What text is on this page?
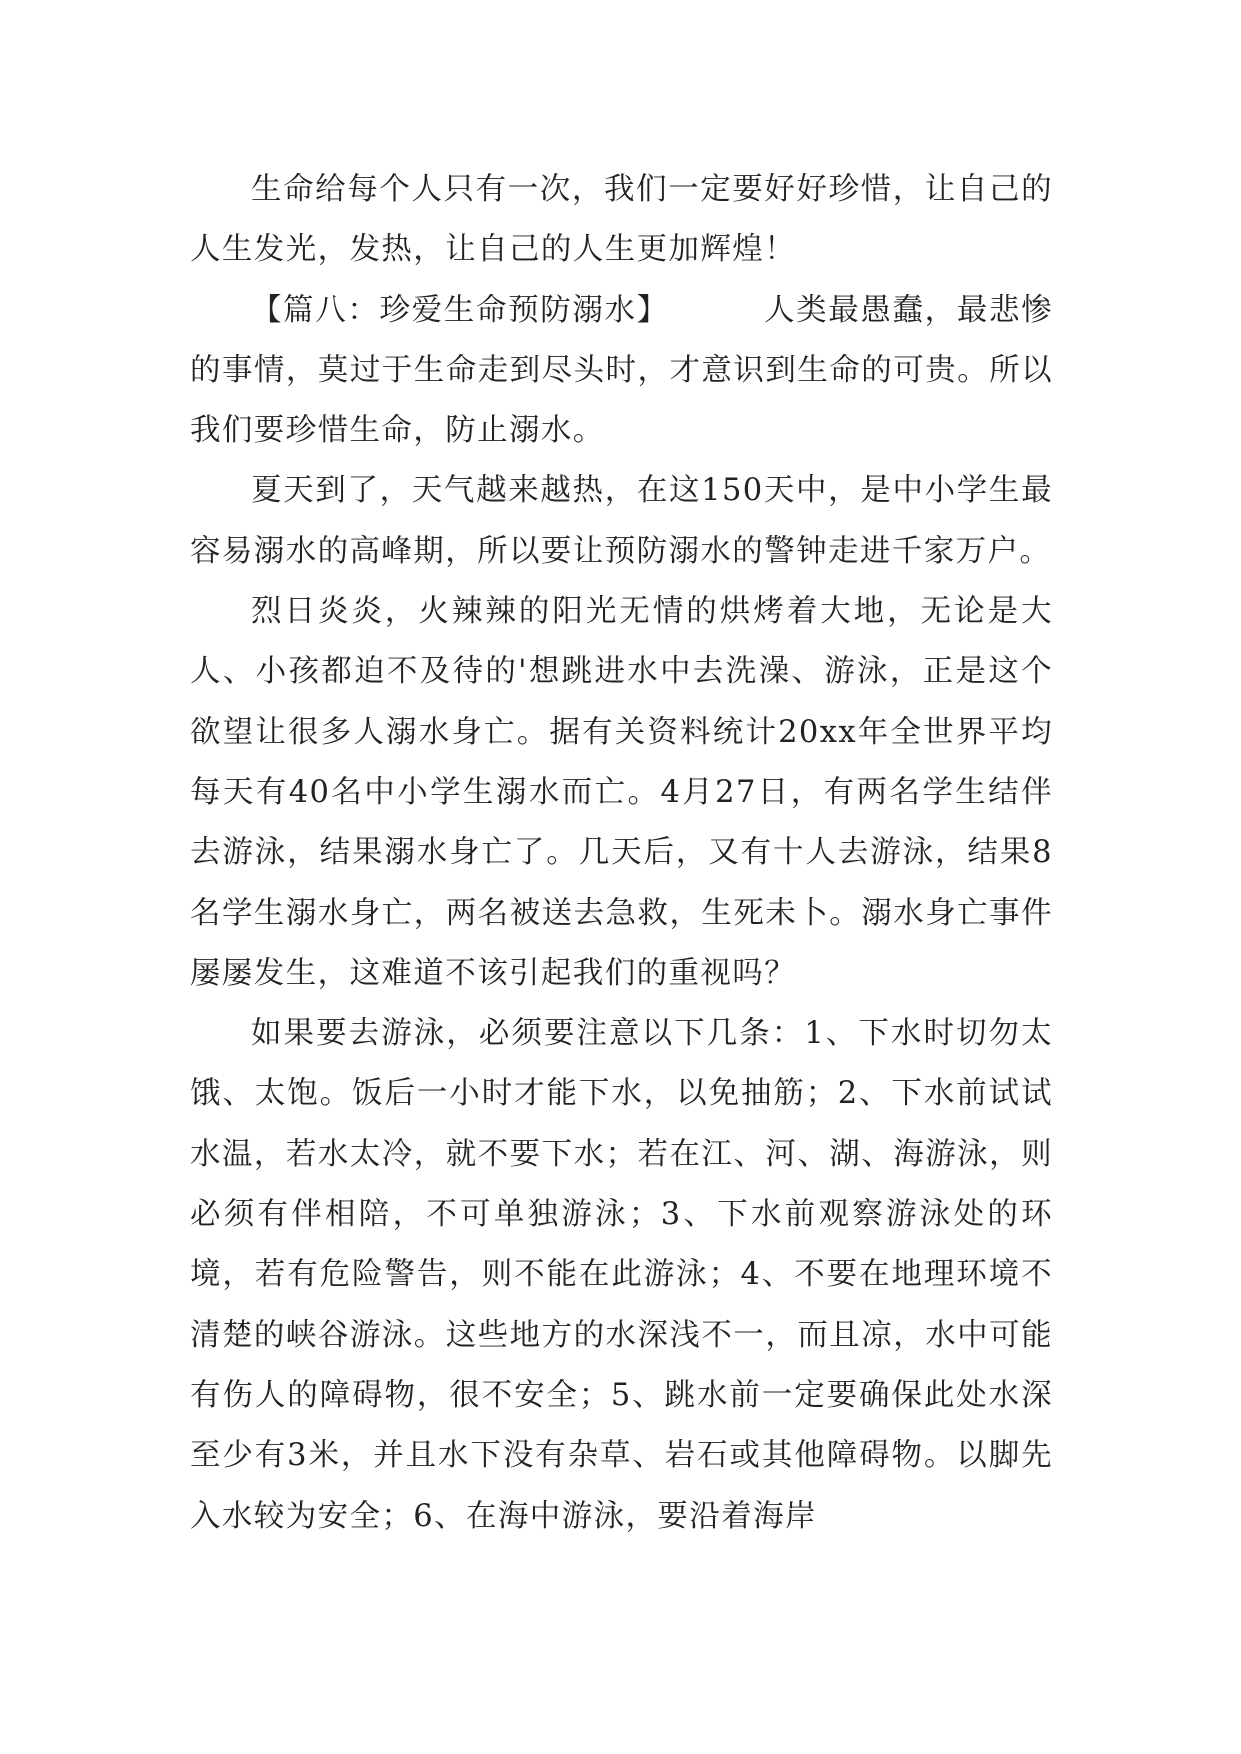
生命给每个人只有一次，我们一定要好好珍惜，让自己的人生发光，发热，让自己的人生更加辉煌！

【篇八：珍爱生命预防溺水】	人类最愚蠢，最悲惨的事情，莫过于生命走到尽头时，才意识到生命的可贵。所以我们要珍惜生命，防止溺水。

夏天到了，天气越来越热，在这150天中，是中小学生最容易溺水的高峰期，所以要让预防溺水的警钟走进千家万户。

烈日炎炎，火辣辣的阳光无情的烘烤着大地，无论是大人、小孩都迫不及待的'想跳进水中去洗澡、游泳，正是这个欲望让很多人溺水身亡。据有关资料统计20xx年全世界平均每天有40名中小学生溺水而亡。4月27日，有两名学生结伴去游泳，结果溺水身亡了。几天后，又有十人去游泳，结果8名学生溺水身亡，两名被送去急救，生死未卜。溺水身亡事件屡屡发生，这难道不该引起我们的重视吗？

如果要去游泳，必须要注意以下几条：1、下水时切勿太饿、太饱。饭后一小时才能下水，以免抽筋；2、下水前试试水温，若水太冷，就不要下水；若在江、河、湖、海游泳，则必须有伴相陪，不可单独游泳；3、下水前观察游泳处的环境，若有危险警告，则不能在此游泳；4、不要在地理环境不清楚的峡谷游泳。这些地方的水深浅不一，而且凉，水中可能有伤人的障碍物，很不安全；5、跳水前一定要确保此处水深至少有3米，并且水下没有杂草、岩石或其他障碍物。以脚先入水较为安全；6、在海中游泳，要沿着海岸
